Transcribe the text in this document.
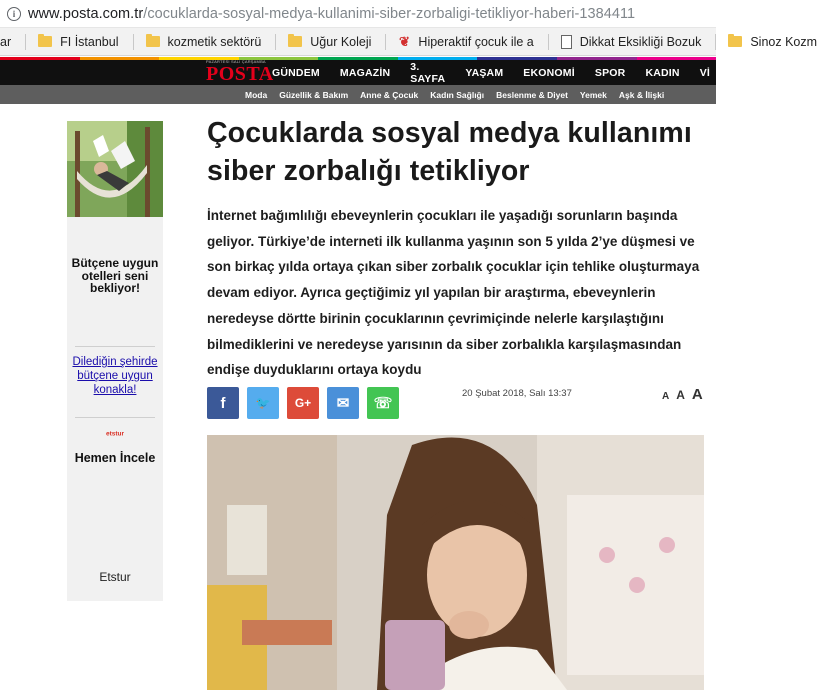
i www.posta.com.tr/cocuklarda-sosyal-medya-kullanimi-siber-zorbaligi-tetikliyor-haberi-1384411
ar	FI İstanbul	kozmetik sektörü	Uğur Koleji ❦ Hiperaktif çocuk ile a	Dikkat Eksikliği Bozuk	Sinoz Kozm
PAZARTESİ SALI ÇARŞAMBA
POSTA
GÜNDEM MAGAZİN 3. SAYFA YAŞAM EKONOMİ SPOR KADIN Vİ
Moda Güzellik & Bakım Anne & Çocuk Kadın Sağlığı Beslenme & Diyet Yemek Aşk & İlişki
Bütçene uygun otelleri seni bekliyor!
Dilediğin şehirde bütçene uygun konakla!
etstur
Hemen İncele
Etstur
Çocuklarda sosyal medya kullanımı siber zorbalığı tetikliyor

İnternet bağımlılığı ebeveynlerin çocukları ile yaşadığı sorunların başında geliyor. Türkiye’de interneti ilk kullanma yaşının son 5 yılda 2’ye düşmesi ve son birkaç yılda ortaya çıkan siber zorbalık çocuklar için tehlike oluşturmaya devam ediyor. Ayrıca geçtiğimiz yıl yapılan bir araştırma, ebeveynlerin neredeyse dörtte birinin çocuklarının çevrimiçinde nelerle karşılaştığını bilmediklerini ve neredeyse yarısının da siber zorbalıkla karşılaşmasından endişe duyduklarını ortaya koydu

f	🐦 G+ ✉ ☏
20 Şubat 2018, Salı 13:37	A A A
